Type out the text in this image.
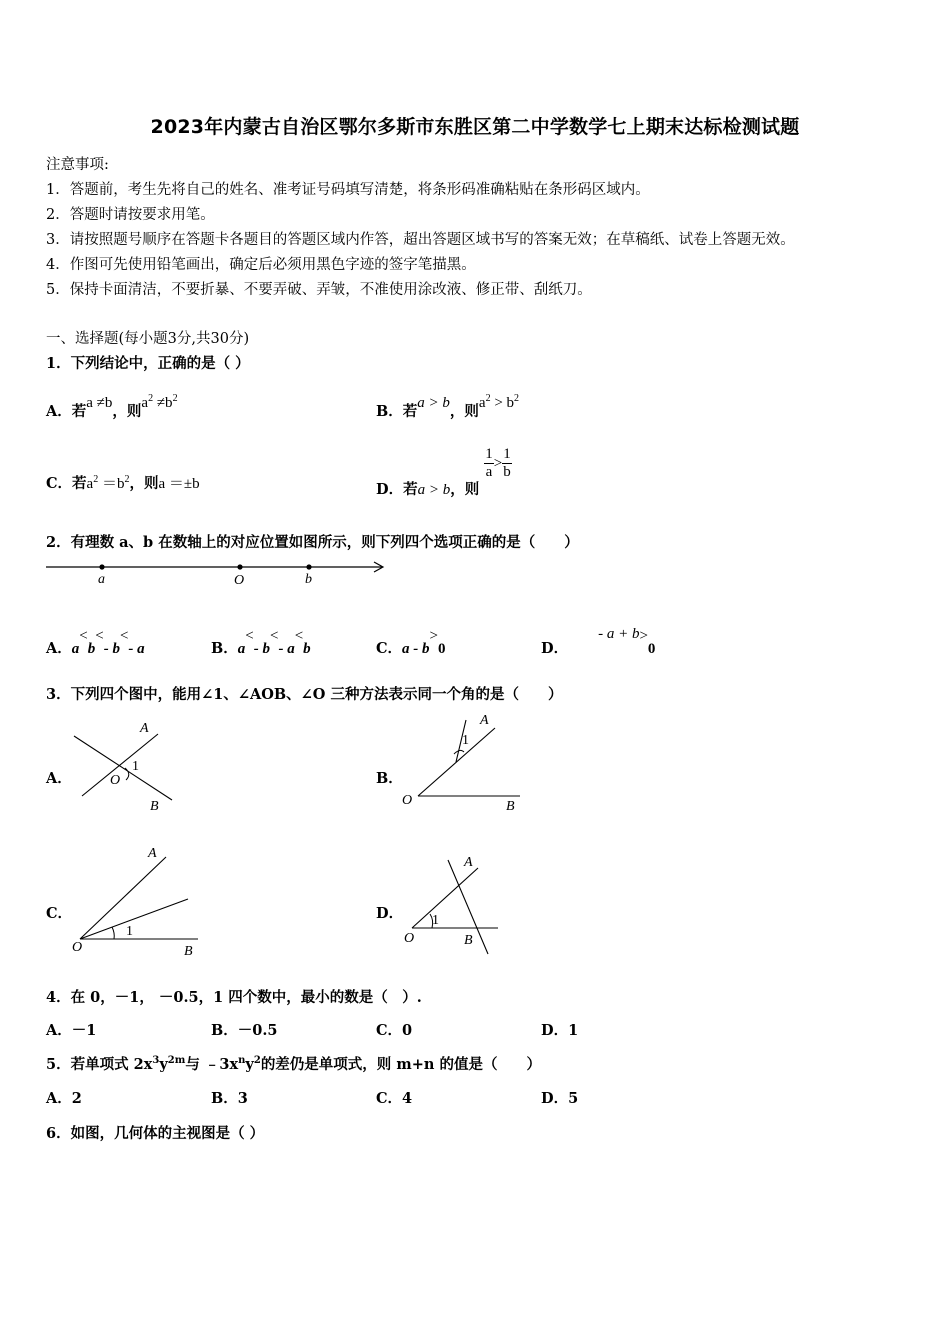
2023年内蒙古自治区鄂尔多斯市东胜区第二中学数学七上期末达标检测试题
注意事项:
1．答题前，考生先将自己的姓名、准考证号码填写清楚，将条形码准确粘贴在条形码区域内。
2．答题时请按要求用笔。
3．请按照题号顺序在答题卡各题目的答题区域内作答，超出答题区域书写的答案无效；在草稿纸、试卷上答题无效。
4．作图可先使用铅笔画出，确定后必须用黑色字迹的签字笔描黑。
5．保持卡面清洁，不要折暴、不要弄破、弄皱，不准使用涂改液、修正带、刮纸刀。
一、选择题(每小题3分,共30分)
1．下列结论中，正确的是（ ）
A．若a ≠b，则$a^2 \ne b^2$
B．若a > b，则$a^2 > b^2$
C．若$a^2 =b^2$，则a ＝±b	D．若a > b，则
$\frac{1}{a} > \frac{1}{b}$
2．有理数 a、b 在数轴上的对应位置如图所示，则下列四个选项正确的是（　　）
a	O	b
A．a<b<- b<- a	B．a<- b<- a<b	C．a - b>0	D．- a + b>0
3．下列四个图中，能用∠1、∠AOB、∠O 三种方法表示同一个角的是（　　）
A．
A
O
B
1
B．
A
O	B
1
C．
A
O	B
1
D．
A
O	B
1
4．在 0，－1， －0.5，1 四个数中，最小的数是（　）.
A．－1	B．－0.5	C．0	D．1
5．若单项式 $2x^3y^{2m}$与 $﹣3x^ny^2$的差仍是单项式，则 m+n 的值是（　　）
A．2	B．3	C．4	D．5
6．如图，几何体的主视图是（ ）
